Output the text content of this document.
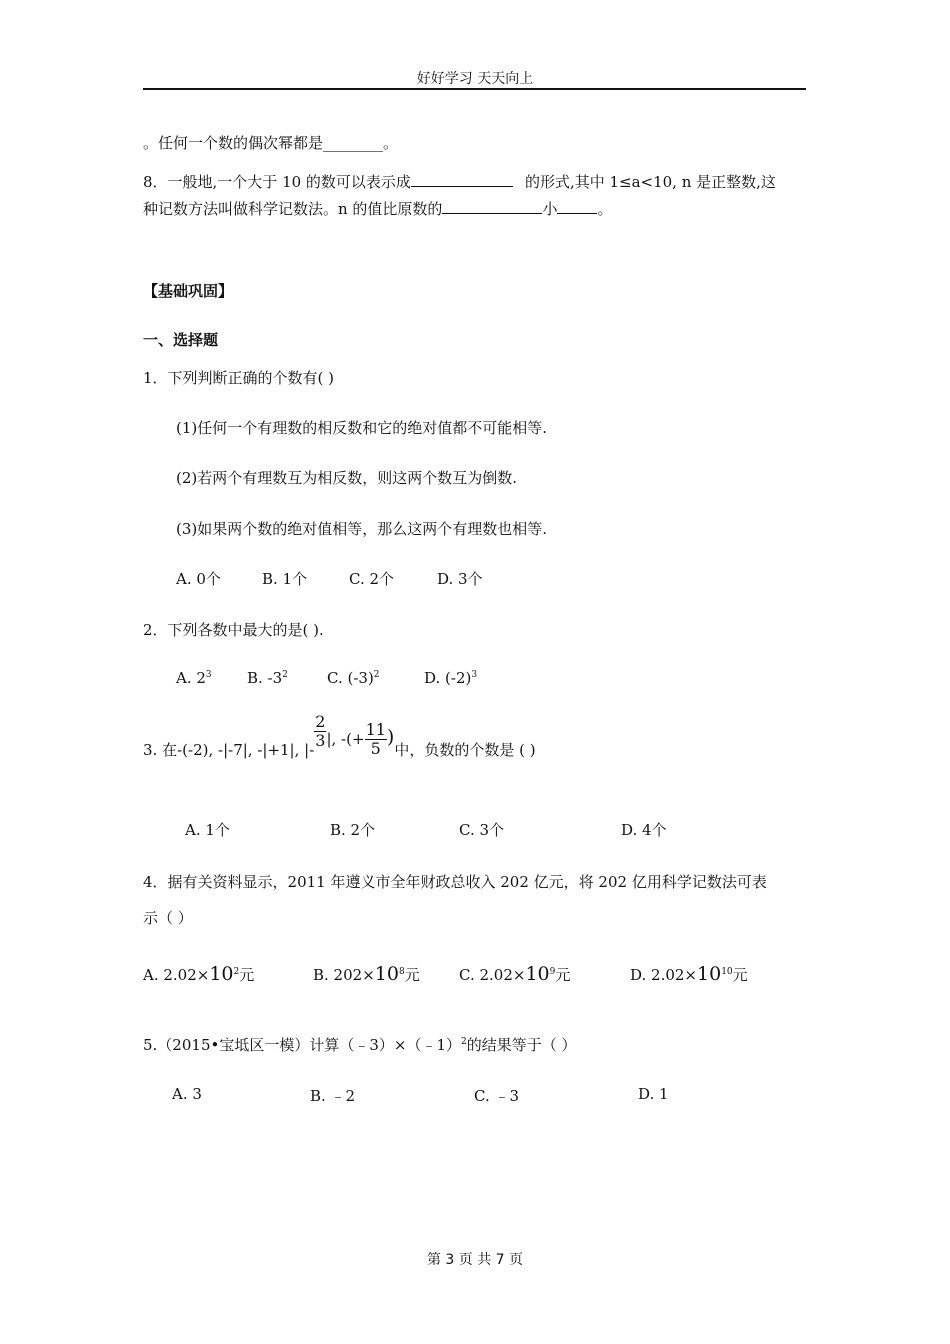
好好学习 天天向上
。任何一个数的偶次幂都是________。
8．一般地,一个大于 10 的数可以表示成	的形式,其中 1≤a<10, n 是正整数,这
种记数方法叫做科学记数法。n 的值比原数的	小	。
【基础巩固】
一、选择题
1．下列判断正确的个数有( )
(1)任何一个有理数的相反数和它的绝对值都不可能相等.
(2)若两个有理数互为相反数，则这两个数互为倒数.
(3)如果两个数的绝对值相等，那么这两个有理数也相等.
A. 0个	B. 1个	C. 2个	D. 3个
2．下列各数中最大的是( ).
A. $2^3$ B. $-3^2$	C. $(-3)^2$	D. $(-2)^3$
3. 在-(-2), -|-7|, -|+1|, |- $\frac{2}{3}$ |, -(+ $\frac{11}{5}$ )
中，负数的个数是 ( )
A. 1个	B. 2个	C. 3个	D. 4个
4．据有关资料显示，2011 年遵义市全年财政总收入 202 亿元，将 202 亿用科学记数法可表
示（ ）
A. $2.02\times 10^2$元	B. $202\times 10^8$元	C. $2.02\times 10^9$元	D. $2.02\times 10^{10}$元
5.（2015•宝坻区一模）计算（﹣3）×（﹣1）$^2$的结果等于（ ）
A. 3	B. ﹣2	C. ﹣3	D. 1
第 3 页 共 7 页
